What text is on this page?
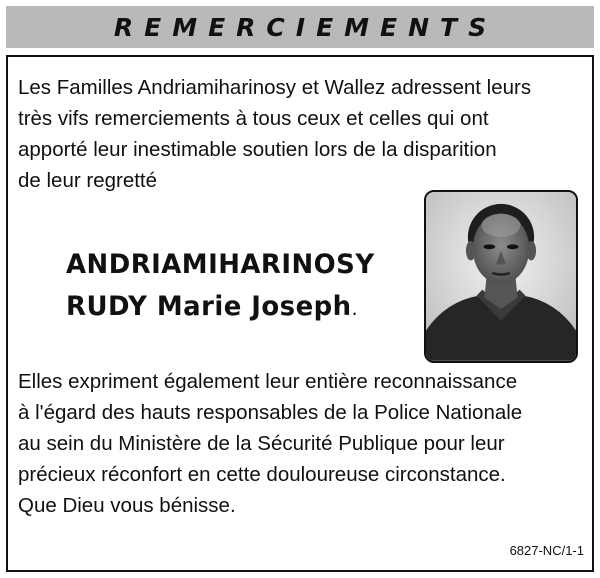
REMERCIEMENTS
Les Familles Andriamiharinosy et Wallez adressent leurs
très vifs remerciements à tous ceux et celles qui ont
apporté leur inestimable soutien lors de la disparition
de leur regretté
ANDRIAMIHARINOSY
RUDY Marie Joseph.
Elles expriment également leur entière reconnaissance
à l'égard des hauts responsables de la Police Nationale
au sein du Ministère de la Sécurité Publique pour leur
précieux réconfort en cette douloureuse circonstance.
Que Dieu vous bénisse.
6827-NC/1-1
